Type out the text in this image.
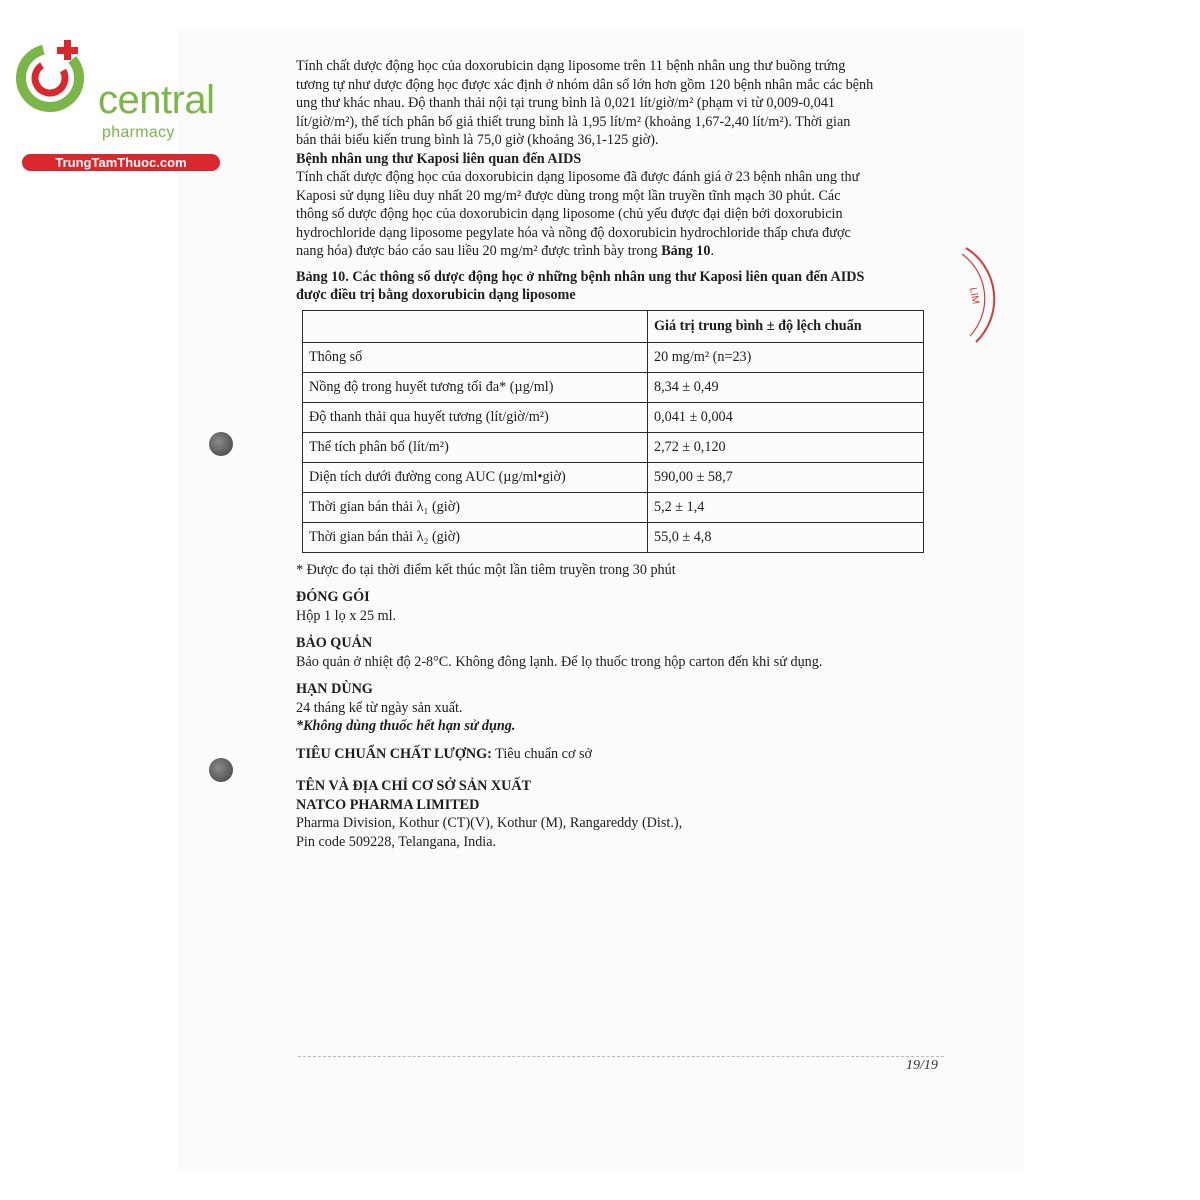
central
pharmacy
TrungTamThuoc.com
LIM

Tính chất dược động học của doxorubicin dạng liposome trên 11 bệnh nhân ung thư buồng trứng
tương tự như dược động học được xác định ở nhóm dân số lớn hơn gồm 120 bệnh nhân mắc các bệnh
ung thư khác nhau. Độ thanh thải nội tại trung bình là 0,021 lít/giờ/m² (phạm vi từ 0,009-0,041
lít/giờ/m²), thể tích phân bố giả thiết trung bình là 1,95 lít/m² (khoảng 1,67-2,40 lít/m²). Thời gian
bán thải biểu kiến trung bình là 75,0 giờ (khoảng 36,1-125 giờ).

Bệnh nhân ung thư Kaposi liên quan đến AIDS

Tính chất dược động học của doxorubicin dạng liposome đã được đánh giá ở 23 bệnh nhân ung thư
Kaposi sử dụng liều duy nhất 20 mg/m² được dùng trong một lần truyền tĩnh mạch 30 phút. Các
thông số dược động học của doxorubicin dạng liposome (chủ yếu được đại diện bởi doxorubicin
hydrochloride dạng liposome pegylate hóa và nồng độ doxorubicin hydrochloride thấp chưa được
nang hóa) được báo cáo sau liều 20 mg/m² được trình bày trong Bảng 10.

Bảng 10. Các thông số dược động học ở những bệnh nhân ung thư Kaposi liên quan đến AIDS
được điều trị bằng doxorubicin dạng liposome

	Giá trị trung bình ± độ lệch chuẩn
Thông số	20 mg/m² (n=23)
Nồng độ trong huyết tương tối đa* (µg/ml)	8,34 ± 0,49
Độ thanh thải qua huyết tương (lít/giờ/m²)	0,041 ± 0,004
Thể tích phân bố (lít/m²)	2,72 ± 0,120
Diện tích dưới đường cong AUC (µg/ml•giờ)	590,00 ± 58,7
Thời gian bán thải λ₁ (giờ)	5,2 ± 1,4
Thời gian bán thải λ₂ (giờ)	55,0 ± 4,8

* Được đo tại thời điểm kết thúc một lần tiêm truyền trong 30 phút

ĐÓNG GÓI

Hộp 1 lọ x 25 ml.

BẢO QUẢN

Bảo quản ở nhiệt độ 2-8°C. Không đông lạnh. Để lọ thuốc trong hộp carton đến khi sử dụng.

HẠN DÙNG

24 tháng kể từ ngày sản xuất.

*Không dùng thuốc hết hạn sử dụng.

TIÊU CHUẨN CHẤT LƯỢNG: Tiêu chuẩn cơ sở
TÊN VÀ ĐỊA CHỈ CƠ SỞ SẢN XUẤT

NATCO PHARMA LIMITED

Pharma Division, Kothur (CT)(V), Kothur (M), Rangareddy (Dist.),
Pin code 509228, Telangana, India.

19/19
